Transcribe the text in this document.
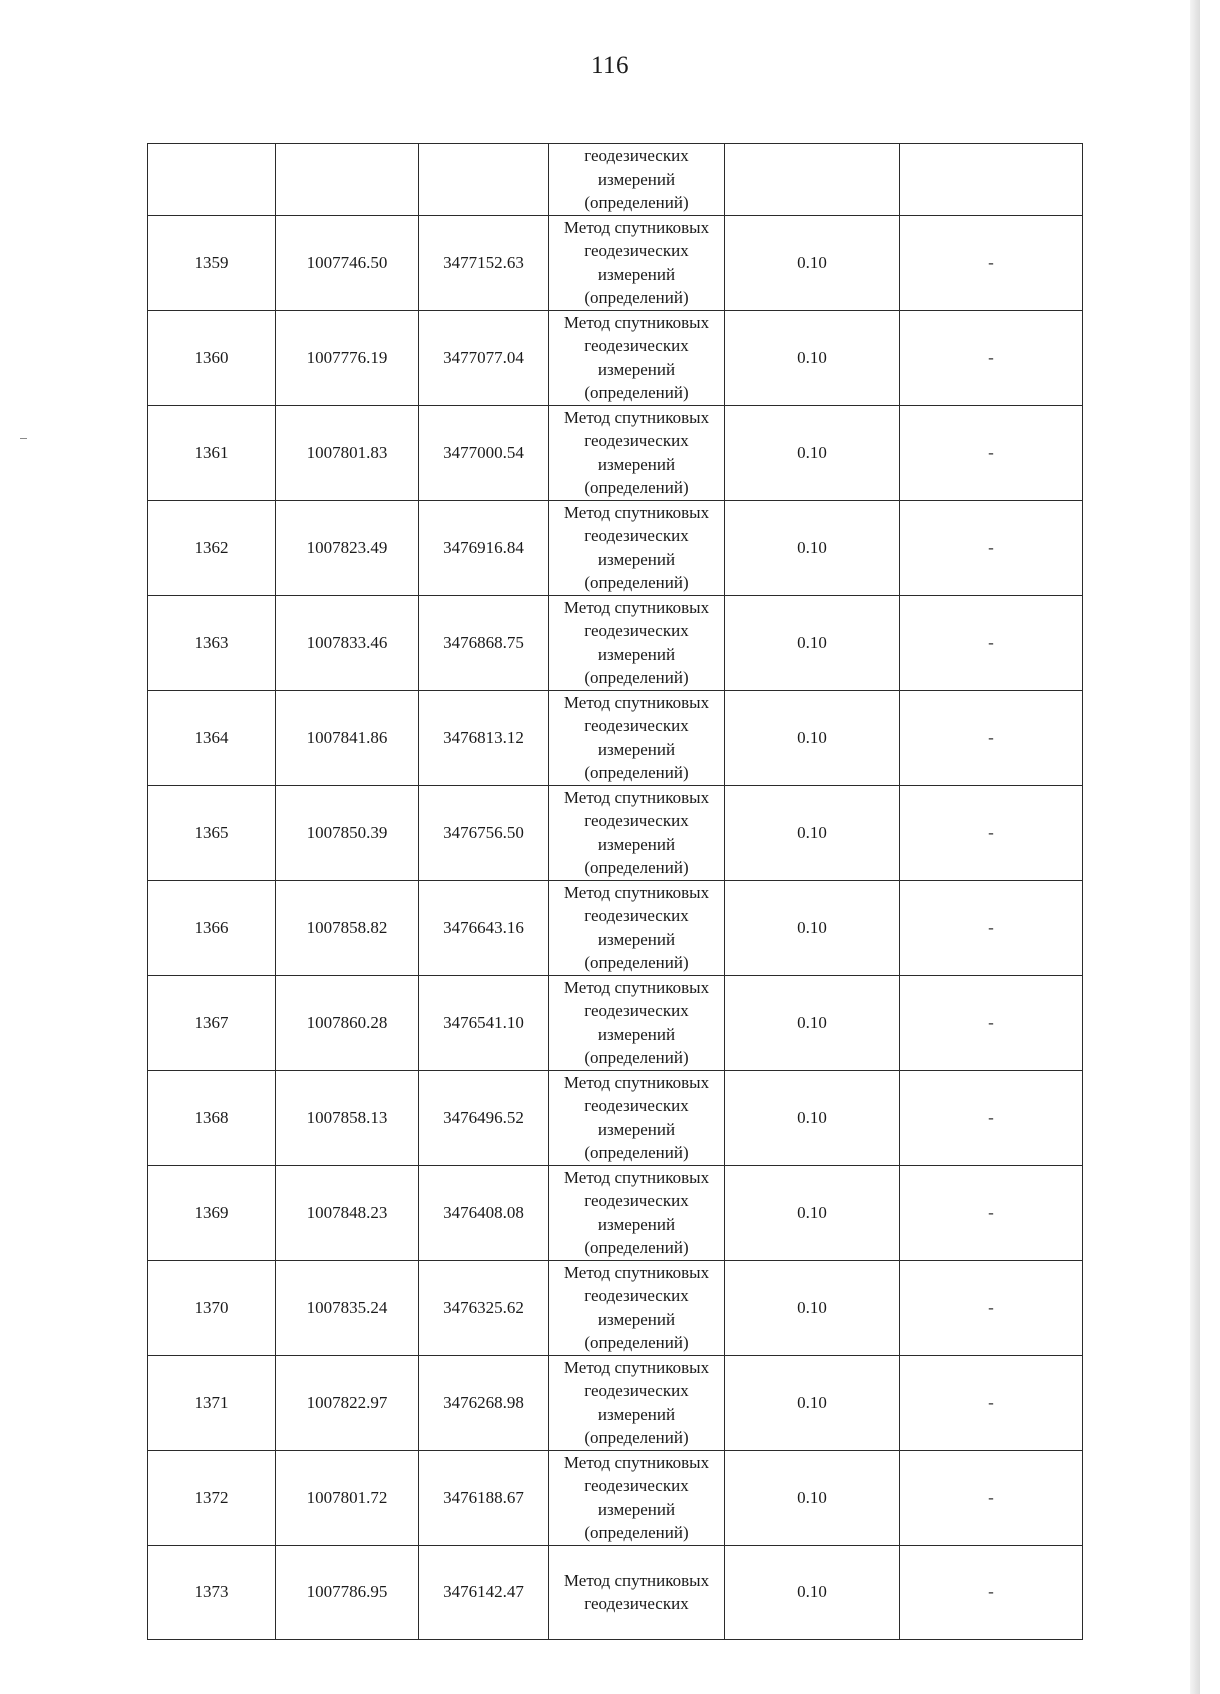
116

			геодезических
измерений
(определений)		

1359	1007746.50	3477152.63	Метод спутниковых
геодезических
измерений
(определений)	0.10	-
1360	1007776.19	3477077.04	Метод спутниковых
геодезических
измерений
(определений)	0.10	-
1361	1007801.83	3477000.54	Метод спутниковых
геодезических
измерений
(определений)	0.10	-
1362	1007823.49	3476916.84	Метод спутниковых
геодезических
измерений
(определений)	0.10	-
1363	1007833.46	3476868.75	Метод спутниковых
геодезических
измерений
(определений)	0.10	-
1364	1007841.86	3476813.12	Метод спутниковых
геодезических
измерений
(определений)	0.10	-
1365	1007850.39	3476756.50	Метод спутниковых
геодезических
измерений
(определений)	0.10	-
1366	1007858.82	3476643.16	Метод спутниковых
геодезических
измерений
(определений)	0.10	-
1367	1007860.28	3476541.10	Метод спутниковых
геодезических
измерений
(определений)	0.10	-
1368	1007858.13	3476496.52	Метод спутниковых
геодезических
измерений
(определений)	0.10	-
1369	1007848.23	3476408.08	Метод спутниковых
геодезических
измерений
(определений)	0.10	-
1370	1007835.24	3476325.62	Метод спутниковых
геодезических
измерений
(определений)	0.10	-
1371	1007822.97	3476268.98	Метод спутниковых
геодезических
измерений
(определений)	0.10	-
1372	1007801.72	3476188.67	Метод спутниковых
геодезических
измерений
(определений)	0.10	-
1373	1007786.95	3476142.47	Метод спутниковых
геодезических	0.10	-
